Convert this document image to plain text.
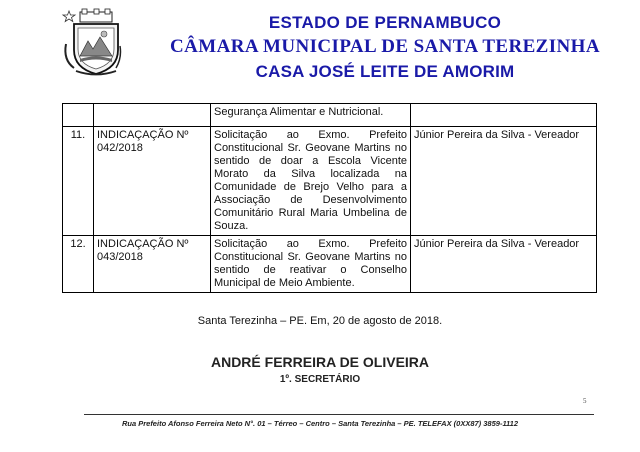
ESTADO DE PERNAMBUCO
CÂMARA MUNICIPAL DE SANTA TEREZINHA
CASA JOSÉ LEITE DE AMORIM
		Segurança Alimentar e Nutricional.	
11.	INDICAÇAÇÃO Nº 042/2018	Solicitação ao Exmo. Prefeito Constitucional Sr. Geovane Martins no sentido de doar a Escola Vicente Morato da Silva localizada na Comunidade de Brejo Velho para a Associação de Desenvolvimento Comunitário Rural Maria Umbelina de Souza.	Júnior Pereira da Silva - Vereador
12.	INDICAÇAÇÃO Nº 043/2018	Solicitação ao Exmo. Prefeito Constitucional Sr. Geovane Martins no sentido de reativar o Conselho Municipal de Meio Ambiente.	Júnior Pereira da Silva - Vereador
Santa Terezinha – PE. Em, 20 de agosto de 2018.
ANDRÉ FERREIRA DE OLIVEIRA
1º. SECRETÁRIO
5
Rua Prefeito Afonso Ferreira Neto N°. 01 – Térreo – Centro – Santa Terezinha – PE. TELEFAX (0XX87) 3859-1112
